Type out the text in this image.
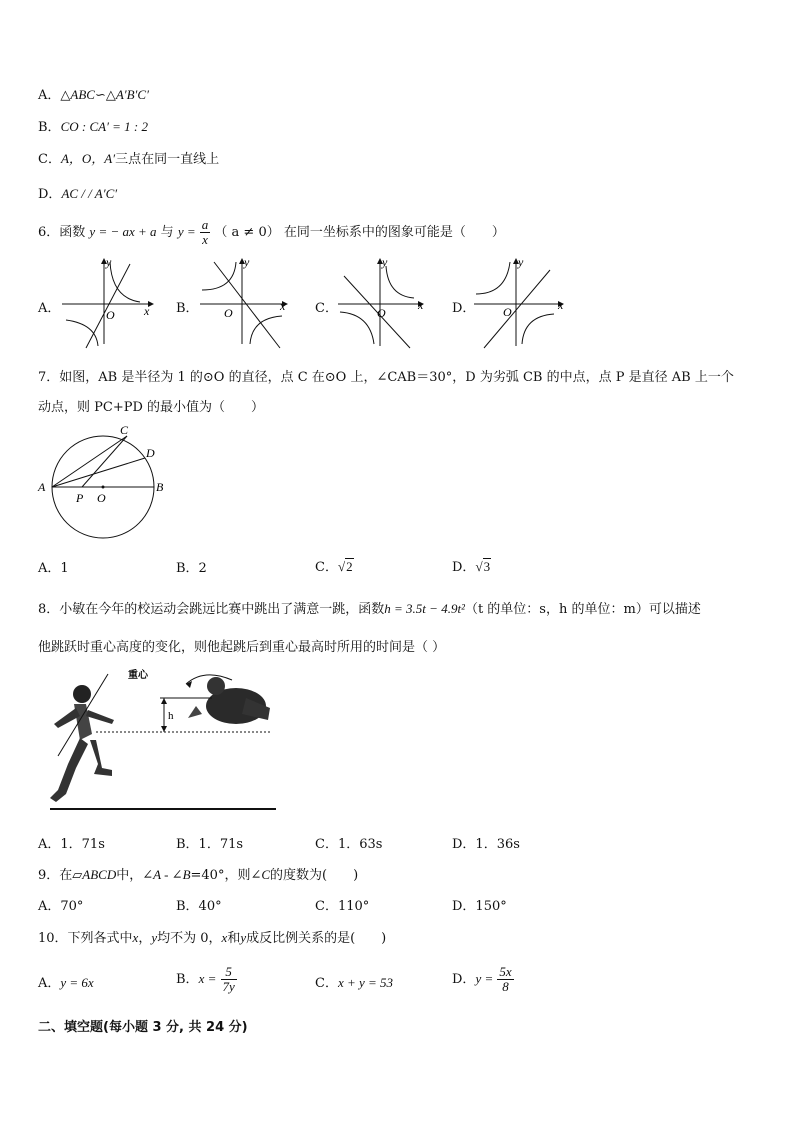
A．△ABC∽△A′B′C′
B．CO : CA′ = 1 : 2
C．A，O，A′三点在同一直线上
D．AC / / A′C′
6．函数 y = − ax + a 与 $y = \frac{a}{x}$ （ a ≠ 0） 在同一坐标系中的图象可能是（　　）
A．	B．	C．	D．
x
y
O
x
y
O
x
y
O
x
y
O
7．如图，AB 是半径为 1 的⊙O 的直径，点 C 在⊙O 上，∠CAB＝30°，D 为劣弧 CB 的中点，点 P 是直径 AB 上一个
动点，则 PC+PD 的最小值为（　　）
A	B
C
D
P O
A．1	B．2	C．√2	D．√3
8．小敏在今年的校运动会跳远比赛中跳出了满意一跳，函数h = 3.5t − 4.9t²（t 的单位：s，h 的单位：m）可以描述
他跳跃时重心高度的变化，则他起跳后到重心最高时所用的时间是（ ）
h
重心
A．1．71s	B．1．71s	C．1．63s	D．1．36s
9．在▱ABCD中，∠A - ∠B=40°，则∠C的度数为(　　)
A．70°	B．40°	C．110°	D．150°
10．下列各式中x，y均不为 0，x和y成反比例关系的是(　　)
A．y = 6x	B．$x = \frac{5}{7y}$	C．x + y = 53	D．$y = \frac{5x}{8}$
二、填空题(每小题 3 分, 共 24 分)
